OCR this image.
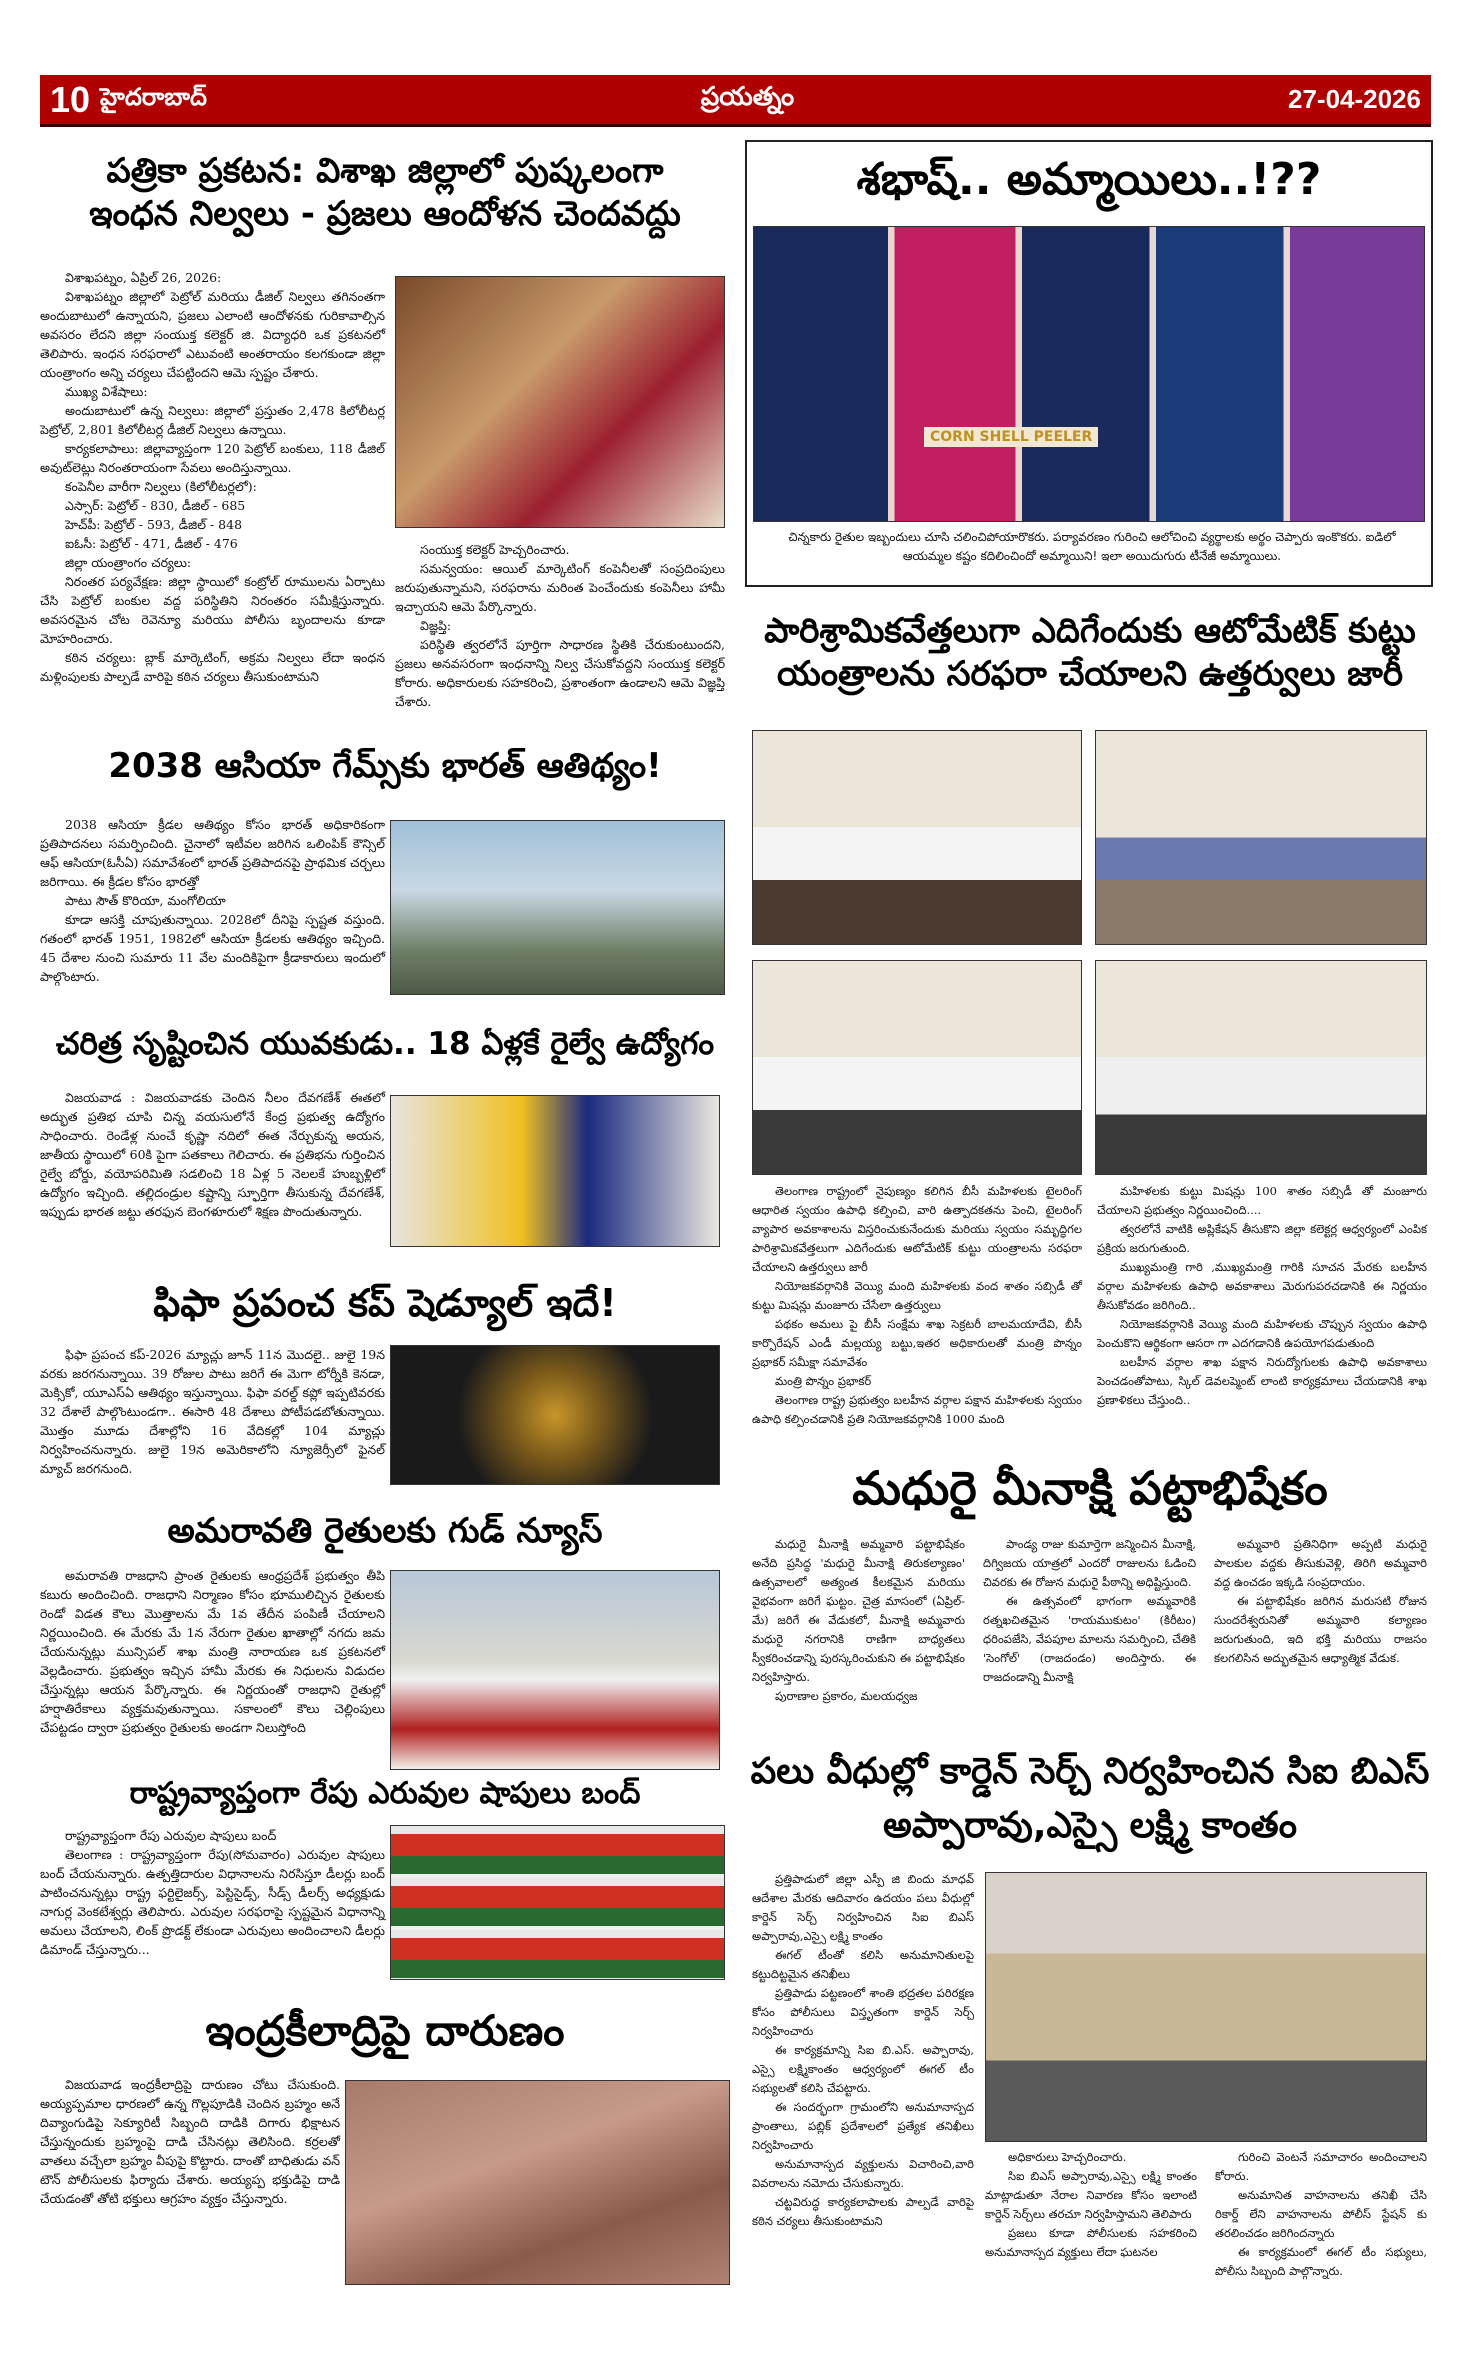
10 హైదరాబాద్	ప్రయత్నం	27-04-2026
పత్రికా ప్రకటన: విశాఖ జిల్లాలో పుష్కలంగా ఇంధన నిల్వలు - ప్రజలు ఆందోళన చెందవద్దు

విశాఖపట్నం, ఏప్రిల్ 26, 2026:

విశాఖపట్నం జిల్లాలో పెట్రోల్ మరియు డీజిల్ నిల్వలు తగినంతగా అందుబాటులో ఉన్నాయని, ప్రజలు ఎలాంటి ఆందోళనకు గురికావాల్సిన అవసరం లేదని జిల్లా సంయుక్త కలెక్టర్ జి. విద్యాధరి ఒక ప్రకటనలో తెలిపారు. ఇంధన సరఫరాలో ఎటువంటి అంతరాయం కలగకుండా జిల్లా యంత్రాంగం అన్ని చర్యలు చేపట్టిందని ఆమె స్పష్టం చేశారు.

ముఖ్య విశేషాలు:

అందుబాటులో ఉన్న నిల్వలు: జిల్లాలో ప్రస్తుతం 2,478 కిలోలీటర్ల పెట్రోల్, 2,801 కిలోలీటర్ల డీజిల్ నిల్వలు ఉన్నాయి.

కార్యకలాపాలు: జిల్లావ్యాప్తంగా 120 పెట్రోల్ బంకులు, 118 డీజిల్ అవుట్‌లెట్లు నిరంతరాయంగా సేవలు అందిస్తున్నాయి.

కంపెనీల వారీగా నిల్వలు (కిలోలీటర్లలో):

ఎస్సార్: పెట్రోల్ - 830, డీజిల్ - 685

హెచ్‌పీ: పెట్రోల్ - 593, డీజిల్ - 848

ఐఓసీ: పెట్రోల్ - 471, డీజిల్ - 476

జిల్లా యంత్రాంగం చర్యలు:

నిరంతర పర్యవేక్షణ: జిల్లా స్థాయిలో కంట్రోల్ రూములను ఏర్పాటు చేసి పెట్రోల్ బంకుల వద్ద పరిస్థితిని నిరంతరం సమీక్షిస్తున్నారు. అవసరమైన చోట రెవెన్యూ మరియు పోలీసు బృందాలను కూడా మోహరించారు.

కఠిన చర్యలు: బ్లాక్ మార్కెటింగ్, అక్రమ నిల్వలు లేదా ఇంధన మళ్లింపులకు పాల్పడే వారిపై కఠిన చర్యలు తీసుకుంటామని

సంయుక్త కలెక్టర్ హెచ్చరించారు.

సమన్వయం: ఆయిల్ మార్కెటింగ్ కంపెనీలతో సంప్రదింపులు జరుపుతున్నామని, సరఫరాను మరింత పెంచేందుకు కంపెనీలు హామీ ఇచ్చాయని ఆమె పేర్కొన్నారు.

విజ్ఞప్తి:

పరిస్థితి త్వరలోనే పూర్తిగా సాధారణ స్థితికి చేరుకుంటుందని, ప్రజలు అనవసరంగా ఇంధనాన్ని నిల్వ చేసుకోవద్దని సంయుక్త కలెక్టర్ కోరారు. అధికారులకు సహకరించి, ప్రశాంతంగా ఉండాలని ఆమె విజ్ఞప్తి చేశారు.

2038 ఆసియా గేమ్స్‌కు భారత్ ఆతిథ్యం!

2038 ఆసియా క్రీడల ఆతిథ్యం కోసం భారత్ అధికారికంగా ప్రతిపాదనలు సమర్పించింది. చైనాలో ఇటీవల జరిగిన ఒలింపిక్ కౌన్సిల్ ఆఫ్ ఆసియా(ఓసీఏ) సమావేశంలో భారత్ ప్రతిపాదనపై ప్రాథమిక చర్చలు జరిగాయి. ఈ క్రీడల కోసం భారత్తో

పాటు సౌత్ కొరియా, మంగోలియా

కూడా ఆసక్తి చూపుతున్నాయి. 2028లో దీనిపై స్పష్టత వస్తుంది. గతంలో భారత్ 1951, 1982లో ఆసియా క్రీడలకు ఆతిథ్యం ఇచ్చింది. 45 దేశాల నుంచి సుమారు 11 వేల మందికిపైగా క్రీడాకారులు ఇందులో పాల్గొంటారు.

చరిత్ర సృష్టించిన యువకుడు.. 18 ఏళ్లకే రైల్వే ఉద్యోగం

విజయవాడ : విజయవాడకు చెందిన నీలం దేవగణేశ్ ఈతలో అద్భుత ప్రతిభ చూపి చిన్న వయసులోనే కేంద్ర ప్రభుత్వ ఉద్యోగం సాధించారు. రెండేళ్ల నుంచే కృష్ణా నదిలో ఈత నేర్చుకున్న అయన, జాతీయ స్థాయిలో 60కి పైగా పతకాలు గెలిచారు. ఈ ప్రతిభను గుర్తించిన రైల్వే బోర్డు, వయోపరిమితి సడలించి 18 ఏళ్ల 5 నెలలకే హుబ్బళ్లిలో ఉద్యోగం ఇచ్చింది. తల్లిదండ్రుల కష్టాన్ని స్ఫూర్తిగా తీసుకున్న దేవగణేశ్, ఇప్పుడు భారత జట్టు తరఫున బెంగళూరులో శిక్షణ పొందుతున్నారు.

ఫిఫా ప్రపంచ కప్ షెడ్యూల్ ఇదే!

ఫిఫా ప్రపంచ కప్-2026 మ్యాచ్లు జూన్ 11న మొదలై.. జులై 19న వరకు జరగనున్నాయి. 39 రోజుల పాటు జరిగే ఈ మెగా టోర్నీకి కెనడా, మెక్సికో, యూఎస్ఏ ఆతిథ్యం ఇస్తున్నాయి. ఫిఫా వరల్డ్ కప్లో ఇప్పటివరకు 32 దేశాలే పాల్గొంటుండగా.. ఈసారి 48 దేశాలు పోటీపడబోతున్నాయి. మొత్తం మూడు దేశాల్లోని 16 వేదికల్లో 104 మ్యాచ్లు నిర్వహించనున్నారు. జులై 19న అమెరికాలోని న్యూజెర్సీలో ఫైనల్ మ్యాచ్ జరగనుంది.

అమరావతి రైతులకు గుడ్ న్యూస్

అమరావతి రాజధాని ప్రాంత రైతులకు ఆంధ్రప్రదేశ్ ప్రభుత్వం తీపి కబురు అందించింది. రాజధాని నిర్మాణం కోసం భూములిచ్చిన రైతులకు రెండో విడత కౌలు మొత్తాలను మే 1వ తేదీన పంపిణీ చేయాలని నిర్ణయించింది. ఈ మేరకు మే 1న నేరుగా రైతుల ఖాతాల్లో నగదు జమ చేయనున్నట్లు మున్సిపల్ శాఖ మంత్రి నారాయణ ఒక ప్రకటనలో వెల్లడించారు. ప్రభుత్వం ఇచ్చిన హామీ మేరకు ఈ నిధులను విడుదల చేస్తున్నట్లు ఆయన పేర్కొన్నారు. ఈ నిర్ణయంతో రాజధాని రైతుల్లో హర్షాతిరేకాలు వ్యక్తమవుతున్నాయి. సకాలంలో కౌలు చెల్లింపులు చేపట్టడం ద్వారా ప్రభుత్వం రైతులకు అండగా నిలుస్తోంది

రాష్ట్రవ్యాప్తంగా రేపు ఎరువుల షాపులు బంద్

రాష్ట్రవ్యాప్తంగా రేపు ఎరువుల షాపులు బంద్

తెలంగాణ : రాష్ట్రవ్యాప్తంగా రేపు(సోమవారం) ఎరువుల షాపులు బంద్ చేయనున్నారు. ఉత్పత్తిదారుల విధానాలను నిరసిస్తూ డీలర్లు బంద్ పాటించనున్నట్లు రాష్ట్ర ఫర్టిలైజర్స్, పెస్టిసైడ్స్, సీడ్స్ డీలర్స్ అధ్యక్షుడు నాగుర్ల వెంకటేశ్వర్లు తెలిపారు. ఎరువుల సరఫరాపై స్పష్టమైన విధానాన్ని అమలు చేయాలని, లింక్ ప్రొడక్ట్ లేకుండా ఎరువులు అందించాలని డీలర్లు డిమాండ్ చేస్తున్నారు...

ఇంద్రకీలాద్రిపై దారుణం

విజయవాడ ఇంద్రకీలాద్రిపై దారుణం చోటు చేసుకుంది. అయ్యప్పమాల ధారణలో ఉన్న గొల్లపూడికి చెందిన బ్రహ్మం అనే దివ్యాంగుడిపై సెక్యూరిటీ సిబ్బంది దాడికి దిగారు భిక్షాటన చేస్తున్నందుకు బ్రహ్మంపై దాడి చేసినట్లు తెలిసింది. కర్రలతో వాతలు వచ్చేలా బ్రహ్మం వీపుపై కొట్టారు. దాంతో బాధితుడు వన్ టౌన్ పోలీసులకు ఫిర్యాదు చేశారు. అయ్యప్ప భక్తుడిపై దాడి చేయడంతో తోటి భక్తులు ఆగ్రహం వ్యక్తం చేస్తున్నారు.

శభాష్.. అమ్మాయిలు..!??
CORN SHELL PEELER
చిన్నకారు రైతుల ఇబ్బందులు చూసి చలించిపోయారొకరు. పర్యావరణం గురించి ఆలోచించి వ్యర్థాలకు అర్థం చెప్పారు ఇంకొకరు. ఐడిలో ఆయమ్మల కష్టం కదిలించిందో అమ్మాయిని! ఇలా అయిదుగురు టీనేజీ అమ్మాయిలు.
పారిశ్రామికవేత్తలుగా ఎదిగేందుకు ఆటోమేటిక్ కుట్టు యంత్రాలను సరఫరా చేయాలని ఉత్తర్వులు జారీ

తెలంగాణ రాష్ట్రంలో నైపుణ్యం కలిగిన బీసీ మహిళలకు టైలరింగ్ ఆధారిత స్వయం ఉపాధి కల్పించి, వారి ఉత్పాదకతను పెంచి, టైలరింగ్ వ్యాపార అవకాశాలను విస్తరించుకునేందుకు మరియు స్వయం సమృద్ధిగల పారిశ్రామికవేత్తలుగా ఎదిగేందుకు ఆటోమేటిక్ కుట్టు యంత్రాలను సరఫరా చేయాలని ఉత్తర్వులు జారీ

నియోజకవర్గానికి వెయ్యి మంది మహిళలకు వంద శాతం సబ్సిడీ తో కుట్టు మిషన్లు మంజూరు చేసేలా ఉత్తర్వులు

పథకం అమలు పై బీసీ సంక్షేమ శాఖ సెక్రటరీ బాలమయాదేవి, బీసీ కార్పొరేషన్ ఎండీ మల్లయ్య బట్టు,ఇతర అధికారులతో మంత్రి పొన్నం ప్రభాకర్ సమీక్షా సమావేశం

మంత్రి పొన్నం ప్రభాకర్

తెలంగాణ రాష్ట్ర ప్రభుత్వం బలహీన వర్గాల పక్షాన మహిళలకు స్వయం ఉపాధి కల్పించడానికి ప్రతి నియోజకవర్గానికి 1000 మంది

మహిళలకు కుట్టు మిషన్లు 100 శాతం సబ్సిడీ తో మంజూరు చేయాలని ప్రభుత్వం నిర్ణయించింది....

త్వరలోనే వాటికి అప్లికేషన్ తీసుకొని జిల్లా కలెక్టర్ల ఆధ్వర్యంలో ఎంపిక ప్రక్రియ జరుగుతుంది.

ముఖ్యమంత్రి గారి ,ముఖ్యమంత్రి గారికి సూచన మేరకు బలహీన వర్గాల మహిళలకు ఉపాధి అవకాశాలు మెరుగుపరచడానికి ఈ నిర్ణయం తీసుకోవడం జరిగింది..

నియోజకవర్గానికి వెయ్యి మంది మహిళలకు చొప్పున స్వయం ఉపాధి పెంచుకొని ఆర్థికంగా ఆసరా గా ఎదగడానికి ఉపయోగపడుతుంది

బలహీన వర్గాల శాఖ పక్షాన నిరుద్యోగులకు ఉపాధి అవకాశాలు పెంచడంతోపాటు, స్కిల్ డెవలప్మెంట్ లాంటి కార్యక్రమాలు చేయడానికి శాఖ ప్రణాళికలు చేస్తుంది..

మధురై మీనాక్షి పట్టాభిషేకం

మధురై మీనాక్షి అమ్మవారి పట్టాభిషేకం అనేది ప్రసిద్ధ 'మధురై మీనాక్షి తిరుకల్యాణం' ఉత్సవాలలో అత్యంత కీలకమైన మరియు వైభవంగా జరిగే ఘట్టం. చైత్ర మాసంలో (ఏప్రిల్-మే) జరిగే ఈ వేడుకలో, మీనాక్షి అమ్మవారు మధురై నగరానికి రాణిగా బాధ్యతలు స్వీకరించడాన్ని పురస్కరించుకుని ఈ పట్టాభిషేకం నిర్వహిస్తారు.

పురాణాల ప్రకారం, మలయధ్వజ

పాండ్య రాజు కుమార్తెగా జన్మించిన మీనాక్షి, దిగ్విజయ యాత్రలో ఎందరో రాజులను ఓడించి చివరకు ఈ రోజున మధురై పీఠాన్ని అధిష్టిస్తుంది.

ఈ ఉత్సవంలో భాగంగా అమ్మవారికి రత్నఖచితమైన 'రాయముకుటం' (కిరీటం) ధరింపజేసి, వేపపూల మాలను సమర్పించి, చేతికి 'సెంగోల్' (రాజదండం) అందిస్తారు. ఈ రాజదండాన్ని మీనాక్షి

అమ్మవారి ప్రతినిధిగా అప్పటి మధురై పాలకుల వద్దకు తీసుకువెళ్లి, తిరిగి అమ్మవారి వద్ద ఉంచడం ఇక్కడి సంప్రదాయం.

ఈ పట్టాభిషేకం జరిగిన మరుసటి రోజున సుందరేశ్వరునితో అమ్మవారి కల్యాణం జరుగుతుంది, ఇది భక్తి మరియు రాజసం కలగలిసిన అద్భుతమైన ఆధ్యాత్మిక వేడుక.

పలు వీధుల్లో కార్డెన్ సెర్చ్ నిర్వహించిన సిఐ బిఎస్ అప్పారావు,ఎస్సై లక్ష్మి కాంతం

ప్రత్తిపాడులో జిల్లా ఎస్పీ జి బిందు మాధవ్ ఆదేశాల మేరకు ఆదివారం ఉదయం పలు వీధుల్లో కార్డెన్ సెర్చ్ నిర్వహించిన సిఐ బిఎస్ అప్పారావు,ఎస్సై లక్ష్మి కాంతం

ఈగల్ టీంతో కలిసి అనుమానితులపై కట్టుదిట్టమైన తనిఖీలు

ప్రత్తిపాడు పట్టణంలో శాంతి భద్రతల పరిరక్షణ కోసం పోలీసులు విస్తృతంగా కార్డెన్ సెర్చ్ నిర్వహించారు

ఈ కార్యక్రమాన్ని సిఐ బి.ఎస్. అప్పారావు, ఎస్సై లక్ష్మికాంతం ఆధ్వర్యంలో ఈగల్ టీం సభ్యులతో కలిసి చేపట్టారు.

ఈ సందర్భంగా గ్రామంలోని అనుమానాస్పద ప్రాంతాలు, పబ్లిక్ ప్రదేశాలలో ప్రత్యేక తనిఖీలు నిర్వహించారు

అనుమానాస్పద వ్యక్తులను విచారించి,వారి వివరాలను నమోదు చేసుకున్నారు.

చట్టవిరుద్ధ కార్యకలాపాలకు పాల్పడే వారిపై కఠిన చర్యలు తీసుకుంటామని

అధికారులు హెచ్చరించారు.

సిఐ బిఎస్ అప్పారావు,ఎస్సై లక్ష్మి కాంతం మాట్లాడుతూ నేరాల నివారణ కోసం ఇలాంటి కార్డెన్ సెర్చ్‌లు తరచూ నిర్వహిస్తామని తెలిపారు

ప్రజలు కూడా పోలీసులకు సహకరించి అనుమానాస్పద వ్యక్తులు లేదా ఘటనల

గురించి వెంటనే సమాచారం అందించాలని కోరారు.

అనుమానిత వాహనాలను తనిఖీ చేసి రికార్డ్ లేని వాహనాలను పోలీస్ స్టేషన్ కు తరలించడం జరిగిందన్నారు

ఈ కార్యక్రమంలో ఈగల్ టీం సభ్యులు, పోలీసు సిబ్బంది పాల్గొన్నారు.
